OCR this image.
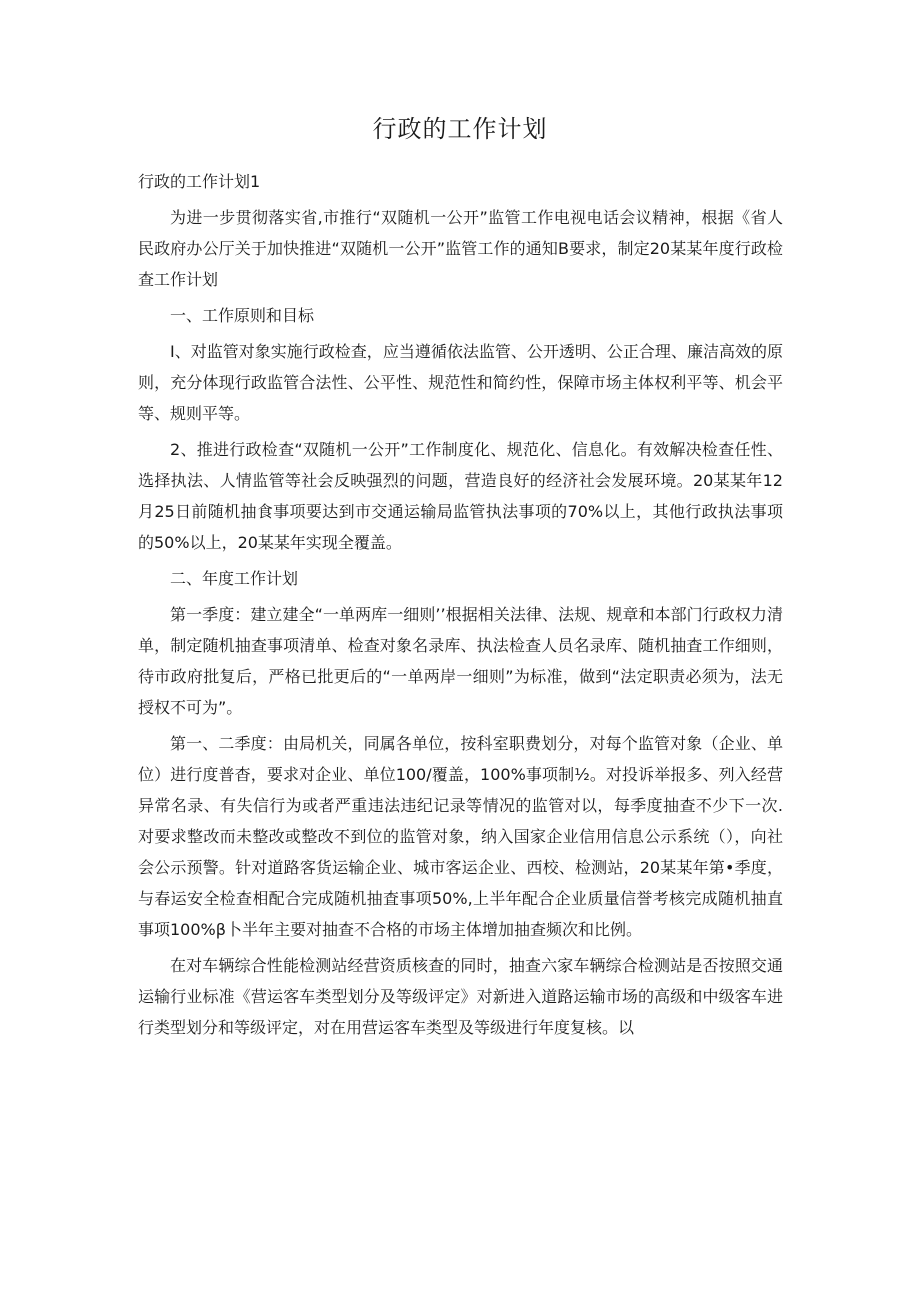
行政的工作计划

行政的工作计划1

为进一步贯彻落实省,市推行“双随机一公开”监管工作电视电话会议精神，根据《省人民政府办公厅关于加快推进“双随机一公开”监管工作的通知B要求，制定20某某年度行政检查工作计划

一、工作原则和目标

I、对监管对象实施行政检查，应当遵循依法监管、公开透明、公正合理、廉洁高效的原则，充分体现行政监管合法性、公平性、规范性和简约性，保障市场主体权利平等、机会平等、规则平等。

2、推进行政检查“双随机一公开”工作制度化、规范化、信息化。有效解决检查任性、选择执法、人情监管等社会反映强烈的问题，营造良好的经济社会发展环境。20某某年12月25日前随机抽食事项要达到市交通运输局监管执法事项的70%以上，其他行政执法事项的50%以上，20某某年实现全覆盖。

二、年度工作计划

第一季度：建立建全“一单两库一细则’’根据相关法律、法规、规章和本部门行政权力清单，制定随机抽查事项清单、检查对象名录库、执法检查人员名录库、随机抽査工作细则，待市政府批复后，严格已批更后的“一单两岸一细则”为标准，做到“法定职责必须为，法无授权不可为”。

第一、二季度：由局机关，同属各单位，按科室职费划分，对每个监管对象（企业、单位）进行度普杳，要求对企业、单位100/覆盖，100%事项制½。对投诉举报多、列入经营异常名录、有失信行为或者严重违法违纪记录等情况的监管对以，每季度抽查不少下一次.对要求整改而未整改或整改不到位的监管对象，纳入国家企业信用信息公示系统（），向社会公示预警。针对道路客货运输企业、城市客运企业、西校、检测站，20某某年第•季度，与春运安全检查相配合完成随机抽査事项50%,上半年配合企业质量信誉考核完成随机抽直事项100%β卜半年主要对抽查不合格的市场主体增加抽查频次和比例。

在对车辆综合性能检测站经营资质核查的同时，抽查六家车辆综合检测站是否按照交通运输行业标准《营运客车类型划分及等级评定》对新进入道路运输市场的高级和中级客车进行类型划分和等级评定，对在用营运客车类型及等级进行年度复核。以
